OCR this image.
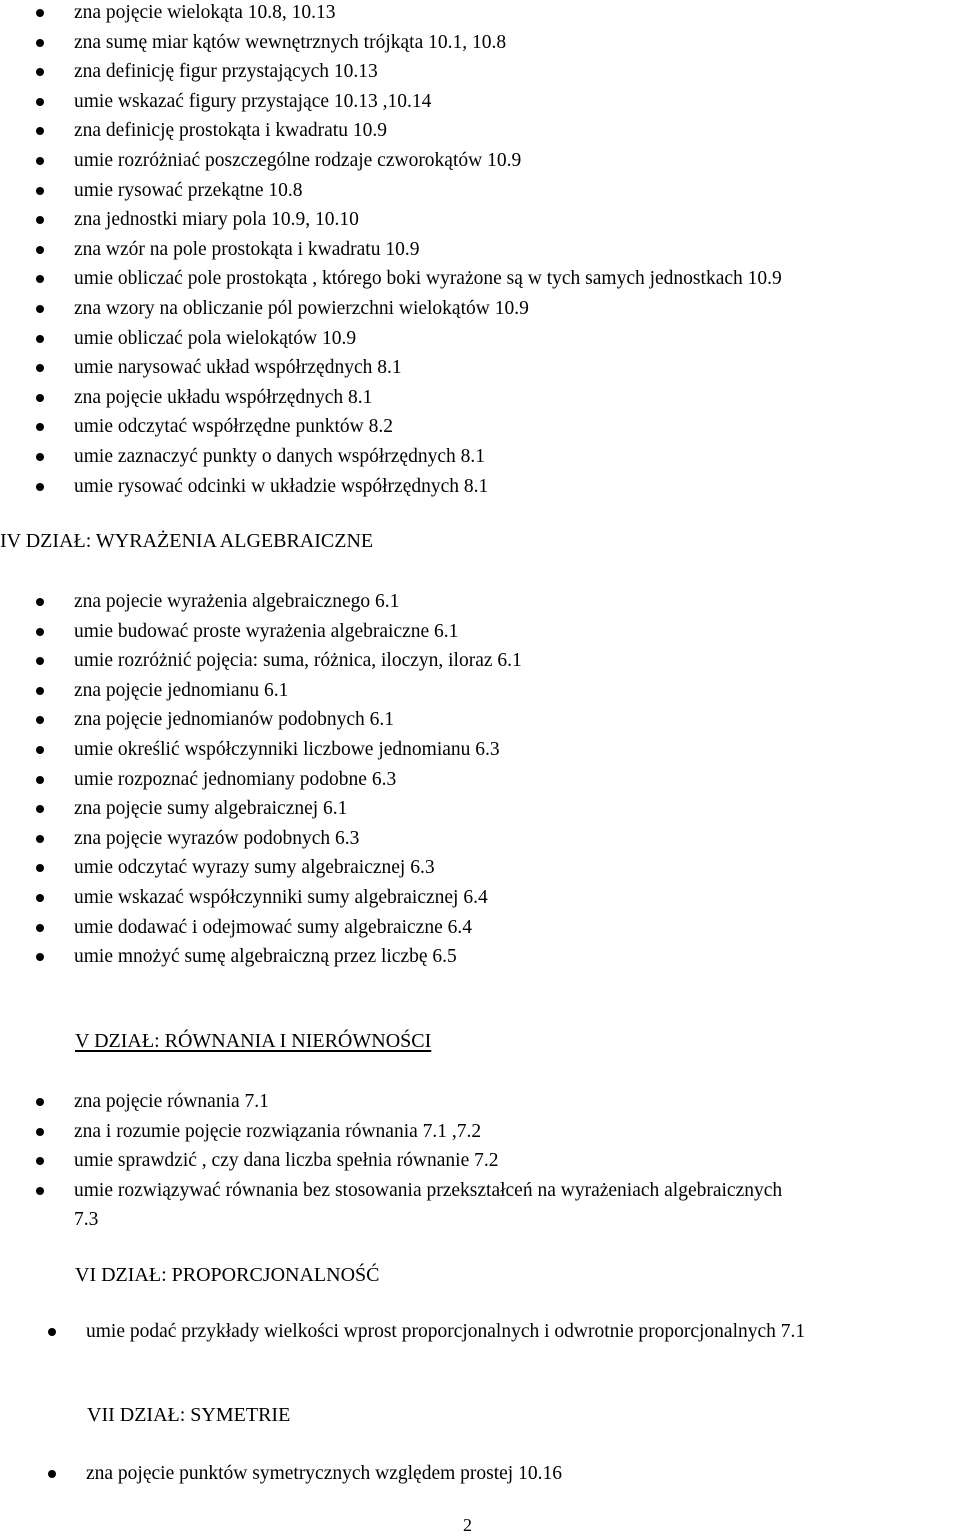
zna pojęcie wielokąta 10.8, 10.13
zna sumę miar kątów wewnętrznych trójkąta 10.1, 10.8
zna definicję figur przystających 10.13
umie wskazać figury przystające 10.13 ,10.14
zna definicję prostokąta i kwadratu 10.9
umie rozróżniać poszczególne rodzaje czworokątów 10.9
umie rysować przekątne 10.8
zna jednostki miary pola 10.9, 10.10
zna wzór na pole prostokąta i kwadratu 10.9
umie obliczać pole prostokąta , którego boki wyrażone są w tych samych jednostkach 10.9
zna wzory na obliczanie pól powierzchni wielokątów 10.9
umie obliczać pola wielokątów 10.9
umie narysować układ współrzędnych 8.1
zna pojęcie układu współrzędnych 8.1
umie odczytać współrzędne punktów 8.2
umie zaznaczyć punkty o danych współrzędnych 8.1
umie rysować odcinki w układzie współrzędnych 8.1
IV DZIAŁ: WYRAŻENIA ALGEBRAICZNE
zna pojecie wyrażenia algebraicznego 6.1
umie budować proste wyrażenia algebraiczne 6.1
umie rozróżnić pojęcia: suma, różnica, iloczyn, iloraz 6.1
zna pojęcie jednomianu 6.1
zna pojęcie jednomianów podobnych 6.1
umie określić współczynniki liczbowe jednomianu 6.3
umie rozpoznać jednomiany podobne 6.3
zna pojęcie sumy algebraicznej 6.1
zna pojęcie wyrazów podobnych 6.3
umie odczytać wyrazy sumy algebraicznej 6.3
umie wskazać współczynniki sumy algebraicznej 6.4
umie dodawać i odejmować sumy algebraiczne 6.4
umie mnożyć sumę algebraiczną przez liczbę 6.5
V DZIAŁ: RÓWNANIA I NIERÓWNOŚCI
zna pojęcie równania 7.1
zna i rozumie pojęcie rozwiązania równania 7.1 ,7.2
umie sprawdzić , czy dana liczba spełnia równanie 7.2
umie rozwiązywać równania bez stosowania przekształceń na wyrażeniach algebraicznych 7.3
VI DZIAŁ: PROPORCJONALNOŚĆ
umie podać przykłady wielkości wprost proporcjonalnych i odwrotnie proporcjonalnych 7.1
VII DZIAŁ: SYMETRIE
zna pojęcie punktów symetrycznych względem prostej 10.16
2
